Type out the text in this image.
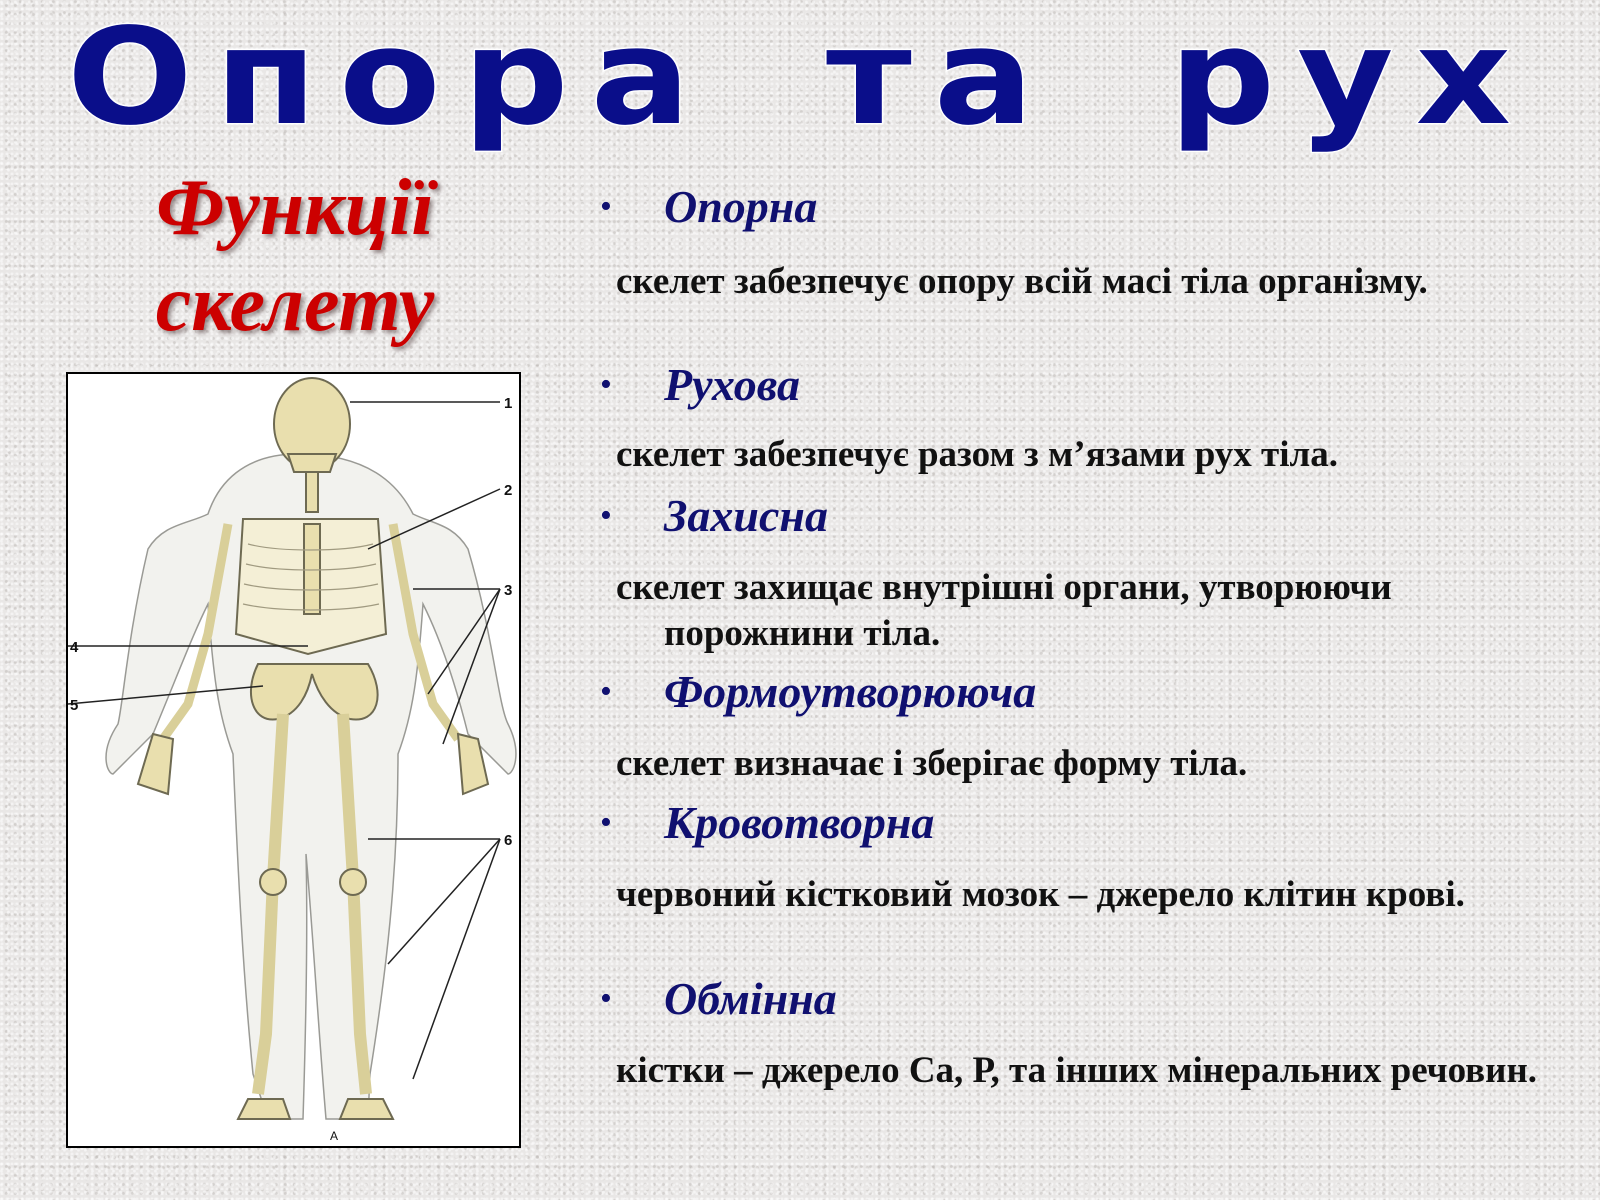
Опора та рух
Функції скелету
1
2
3
4
5
6
А
• Опорна
скелет забезпечує опору всій масі тіла організму.
• Рухова
скелет забезпечує разом з м’язами рух тіла.
• Захисна
скелет захищає внутрішні органи, утворюючи порожнини тіла.
• Формоутворююча
скелет визначає і зберігає форму тіла.
• Кровотворна
червоний кістковий мозок – джерело клітин крові.
• Обмінна
кістки – джерело Са, Р, та інших мінеральних речовин.
